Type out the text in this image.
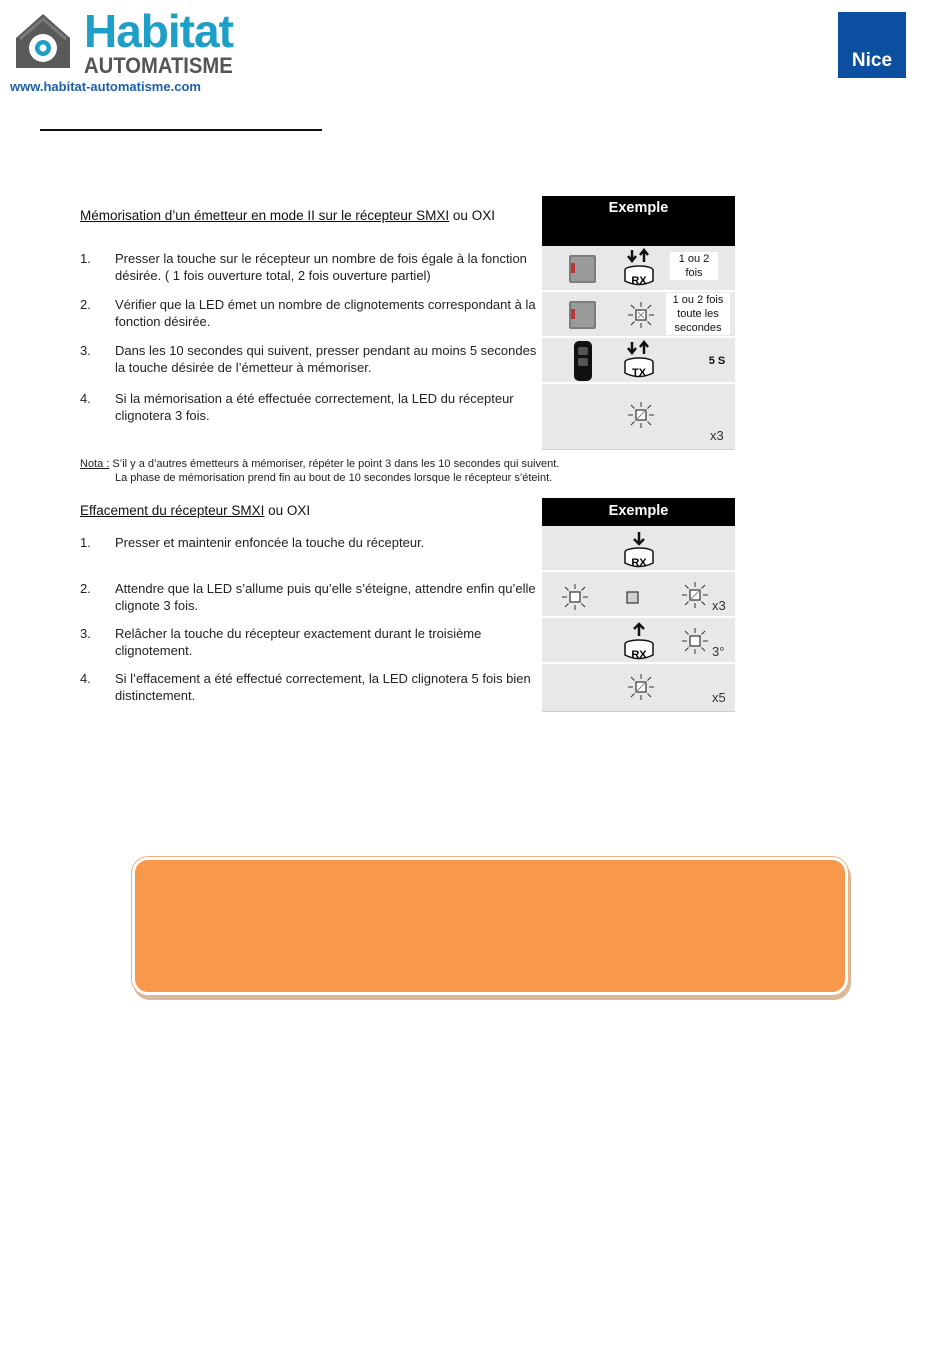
Habitat
AUTOMATISME
www.habitat-automatisme.com
Nice
Mémorisation d’un émetteur en mode II sur le récepteur SMXI ou OXI
1. Presser la touche sur le récepteur un nombre de fois égale à la fonction désirée. ( 1 fois ouverture total, 2 fois ouverture partiel)
2. Vérifier que la LED émet un nombre de clignotements correspondant à la fonction désirée.
3. Dans les 10 secondes qui suivent, presser pendant au moins 5 secondes la touche désirée de l’émetteur à mémoriser.
4. Si la mémorisation a été effectuée correctement, la LED du récepteur clignotera 3 fois.
Exemple
RX
1 ou 2
fois
1 ou 2 fois
toute les
secondes
TX
5 S
x3
Nota : S’il y a d’autres émetteurs à mémoriser, répéter le point 3 dans les 10 secondes qui suivent.
La phase de mémorisation prend fin au bout de 10 secondes lorsque le récepteur s’éteint.
Effacement du récepteur SMXI ou OXI
1. Presser et maintenir enfoncée la touche du récepteur.
2. Attendre que la LED s’allume puis qu’elle s’éteigne, attendre enfin qu’elle clignote 3 fois.
3. Relâcher la touche du récepteur exactement durant le troisième clignotement.
4. Si l’effacement a été effectué correctement, la LED clignotera 5 fois bien distinctement.
Exemple
RX
x3
RX	3°
x5
